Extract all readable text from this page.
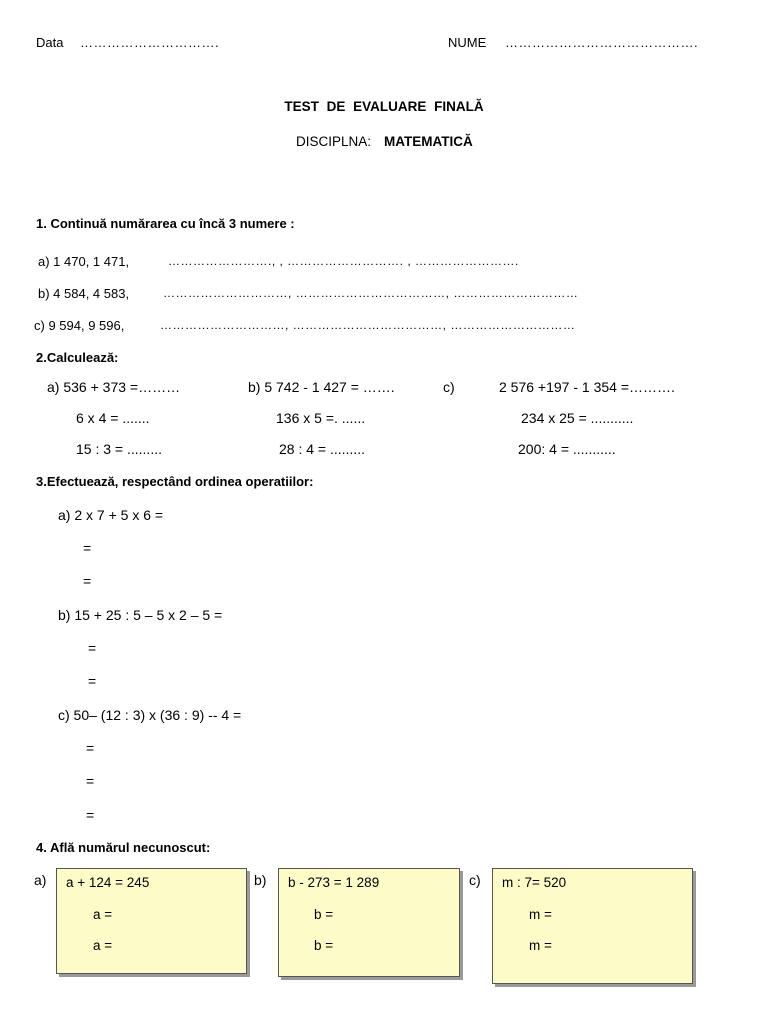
Data ………………………….	NUME …………………………………….
TEST DE EVALUARE FINALĂ
DISCIPLNA: MATEMATICĂ
1. Continuă numărarea cu încă 3 numere :
a) 1 470, 1 471,	……………………., , ………………………. , …………………….
b) 4 584, 4 583,	…………………………, ………………………………, …………………………
c) 9 594, 9 596,	…………………………, ………………………………, …………………………
2.Calculează:
a) 536 + 373 =………	b) 5 742 - 1 427 = …….	c)	2 576 +197 - 1 354 =……….
6 x 4 = .......	136 x 5 =. ......	234 x 25 = ...........
15 : 3 = .........	28 : 4 = .........	200: 4 = ...........
3.Efectuează, respectând ordinea operatiilor:
a) 2 x 7 + 5 x 6 =
=
=
b) 15 + 25 : 5 – 5 x 2 – 5 =
=
=
c) 50– (12 : 3) x (36 : 9) -- 4 =
=
=
=
4. Află numărul necunoscut:
a) a + 124 = 245
a =
a =
b) b - 273 = 1 289
b =
b =
c) m : 7= 520
m =
m =
